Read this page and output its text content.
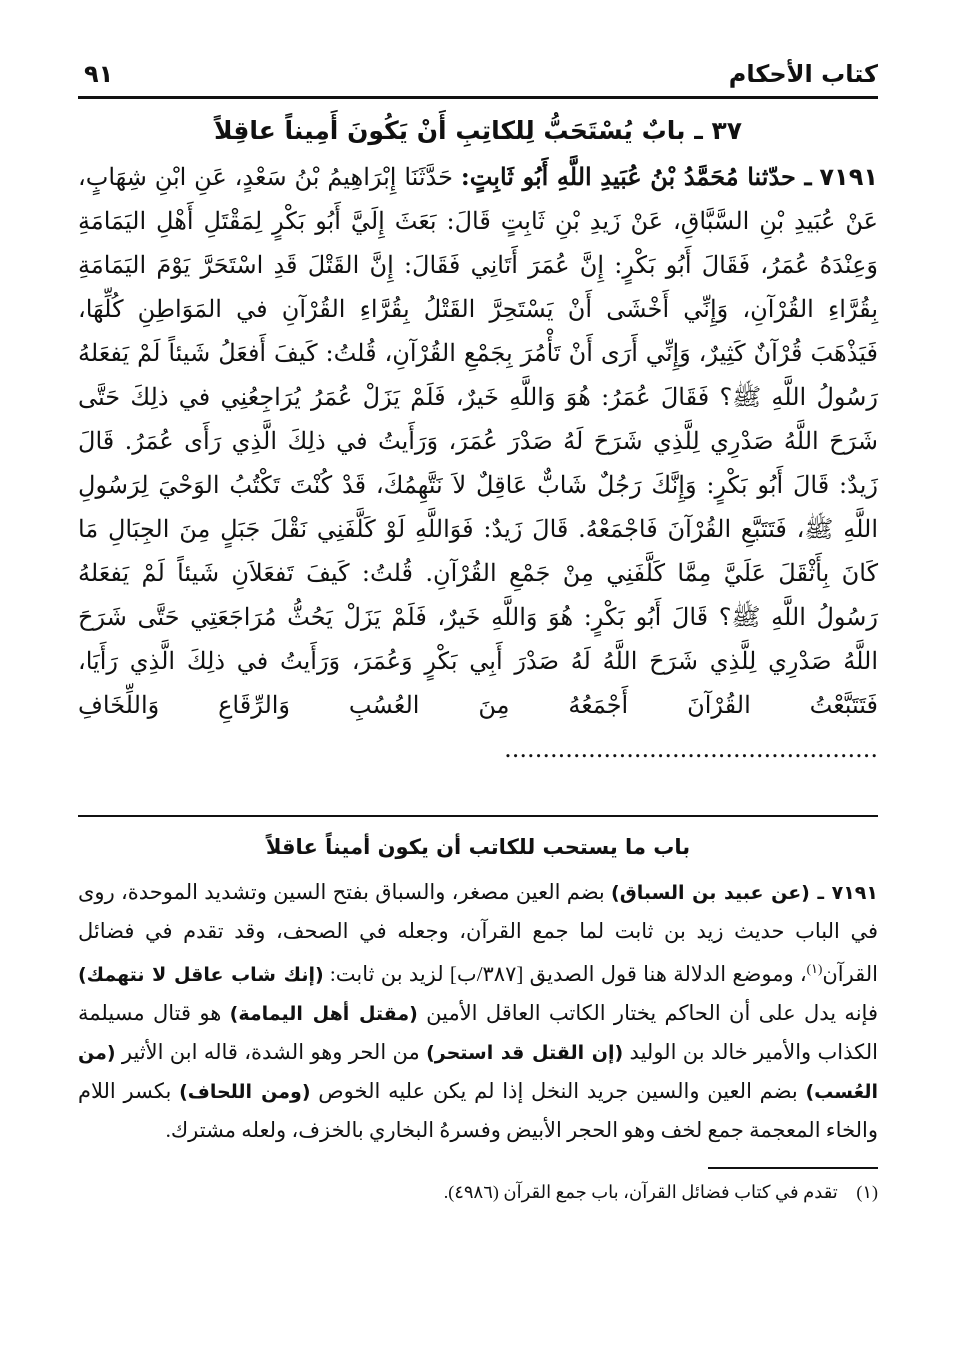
كتاب الأحكام
٩١
٣٧ ـ بابٌ يُسْتَحَبُّ لِلكاتِبِ أَنْ يَكُونَ أَمِيناً عاقِلاً

٧١٩١ ـ حدّثنا مُحَمَّدُ بْنُ عُبَيدِ اللَّهِ أَبُو ثَابِتٍ: حَدَّثَنَا إِبْرَاهِيمُ بْنُ سَعْدٍ، عَنِ ابْنِ شِهَابٍ، عَنْ عُبَيدِ بْنِ السَّبَّاقِ، عَنْ زَيدِ بْنِ ثَابِتٍ قَالَ: بَعَثَ إِلَيَّ أَبُو بَكْرٍ لِمَقْتَلِ أَهْلِ اليَمَامَةِ وَعِنْدَهُ عُمَرُ، فَقَالَ أَبُو بَكْرٍ: إِنَّ عُمَرَ أَتَانِي فَقَالَ: إِنَّ القَتْلَ قَدِ اسْتَحَرَّ يَوْمَ اليَمَامَةِ بِقُرَّاءِ القُرْآنِ، وَإِنِّي أَخْشَى أَنْ يَسْتَحِرَّ القَتْلُ بِقُرَّاءِ القُرْآنِ في المَوَاطِنِ كُلِّهَا، فَيَذْهَبَ قُرْآنٌ كَثِيرٌ، وَإِنِّي أَرَى أَنْ تَأْمُرَ بِجَمْعِ القُرْآنِ، قُلتُ: كَيفَ أَفعَلُ شَيئاً لَمْ يَفعَلهُ رَسُولُ اللَّهِ ﷺ؟ فَقَالَ عُمَرُ: هُوَ وَاللَّهِ خَيرٌ، فَلَمْ يَزَلْ عُمَرُ يُرَاجِعُنِي في ذلِكَ حَتَّى شَرَحَ اللَّهُ صَدْرِي لِلَّذِي شَرَحَ لَهُ صَدْرَ عُمَرَ، وَرَأَيتُ في ذلِكَ الَّذِي رَأَى عُمَرُ. قَالَ زَيدٌ: قَالَ أَبُو بَكْرٍ: وَإِنَّكَ رَجُلٌ شَابٌّ عَاقِلٌ لاَ نَتَّهِمُكَ، قَدْ كُنْتَ تَكْتُبُ الوَحْيَ لِرَسُولِ اللَّهِ ﷺ، فَتَتَبَّعِ القُرْآنَ فَاجْمَعْهُ. قَالَ زَيدٌ: فَوَاللَّهِ لَوْ كَلَّفَنِي نَقْلَ جَبَلٍ مِنَ الجِبَالِ مَا كَانَ بِأَثْقَلَ عَلَيَّ مِمَّا كَلَّفَنِي مِنْ جَمْعِ القُرْآنِ. قُلتُ: كَيفَ تَفعَلاَنِ شَيئاً لَمْ يَفعَلهُ رَسُولُ اللَّهِ ﷺ؟ قَالَ أَبُو بَكْرٍ: هُوَ وَاللَّهِ خَيرٌ، فَلَمْ يَزَلْ يَحُثُّ مُرَاجَعَتِي حَتَّى شَرَحَ اللَّهُ صَدْرِي لِلَّذِي شَرَحَ اللَّهُ لَهُ صَدْرَ أَبِي بَكْرٍ وَعُمَرَ، وَرَأَيتُ في ذلِكَ الَّذِي رَأَيَا، فَتَتَبَّعْتُ القُرْآنَ أَجْمَعُهُ مِنَ العُسُبِ وَالرِّقَاعِ وَاللِّخَافِ .................................................

باب ما يستحب للكاتب أن يكون أميناً عاقلاً

٧١٩١ ـ (عن عبيد بن السباق) بضم العين مصغر، والسباق بفتح السين وتشديد الموحدة، روى في الباب حديث زيد بن ثابت لما جمع القرآن، وجعله في الصحف، وقد تقدم في فضائل القرآن$^{(١)}$، وموضع الدلالة هنا قول الصديق [٣٨٧/ب] لزيد بن ثابت: (إنك شاب عاقل لا نتهمك) فإنه يدل على أن الحاكم يختار الكاتب العاقل الأمين (مقتل أهل اليمامة) هو قتال مسيلمة الكذاب والأمير خالد بن الوليد (إن القتل قد استحر) من الحر وهو الشدة، قاله ابن الأثير (من العُسب) بضم العين والسين جريد النخل إذا لم يكن عليه الخوص (ومن اللحاف) بكسر اللام والخاء المعجمة جمع لخف وهو الحجر الأبيض وفسرهُ البخاري بالخزف، ولعله مشترك.

(١) تقدم في كتاب فضائل القرآن، باب جمع القرآن (٤٩٨٦).
